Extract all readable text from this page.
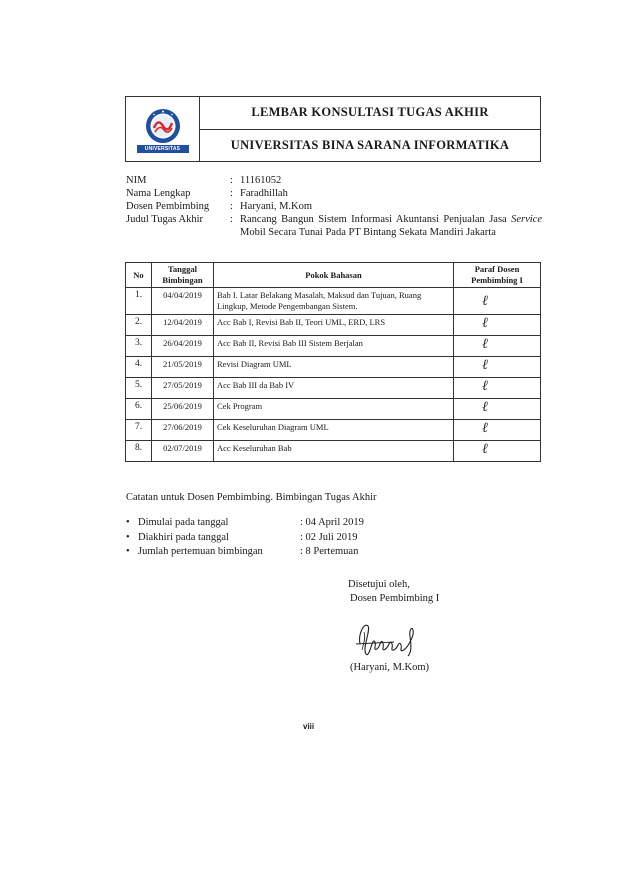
UNIVERSITAS
LEMBAR KONSULTASI TUGAS AKHIR
UNIVERSITAS BINA SARANA INFORMATIKA
NIM	: 11161052
Nama Lengkap	: Faradhillah
Dosen Pembimbing	: Haryani, M.Kom
Judul Tugas Akhir	: Rancang Bangun Sistem Informasi Akuntansi Penjualan Jasa Service Mobil Secara Tunai Pada PT Bintang Sekata Mandiri Jakarta
No	Tanggal Bimbingan	Pokok Bahasan	Paraf Dosen Pembimbing I
1.	04/04/2019	Bab I. Latar Belakang Masalah, Maksud dan Tujuan, Ruang Lingkup, Metode Pengembangan Sistem.	ℓ

2.	12/04/2019	Acc Bab I, Revisi Bab II, Teori UML, ERD, LRS	ℓ

3.	26/04/2019	Acc Bab II, Revisi Bab III Sistem Berjalan	ℓ

4.	21/05/2019	Revisi Diagram UML	ℓ

5.	27/05/2019	Acc Bab III da Bab IV	ℓ

6.	25/06/2019	Cek Program	ℓ

7.	27/06/2019	Cek Keseluruhan Diagram UML	ℓ

8.	02/07/2019	Acc Keseluruhan Bab	ℓ
Catatan untuk Dosen Pembimbing. Bimbingan Tugas Akhir
• Dimulai pada tanggal	: 04 April 2019
• Diakhiri pada tanggal	: 02 Juli 2019
• Jumlah pertemuan bimbingan	: 8 Pertemuan
Disetujui oleh,
Dosen Pembimbing I
(Haryani, M.Kom)
viii
